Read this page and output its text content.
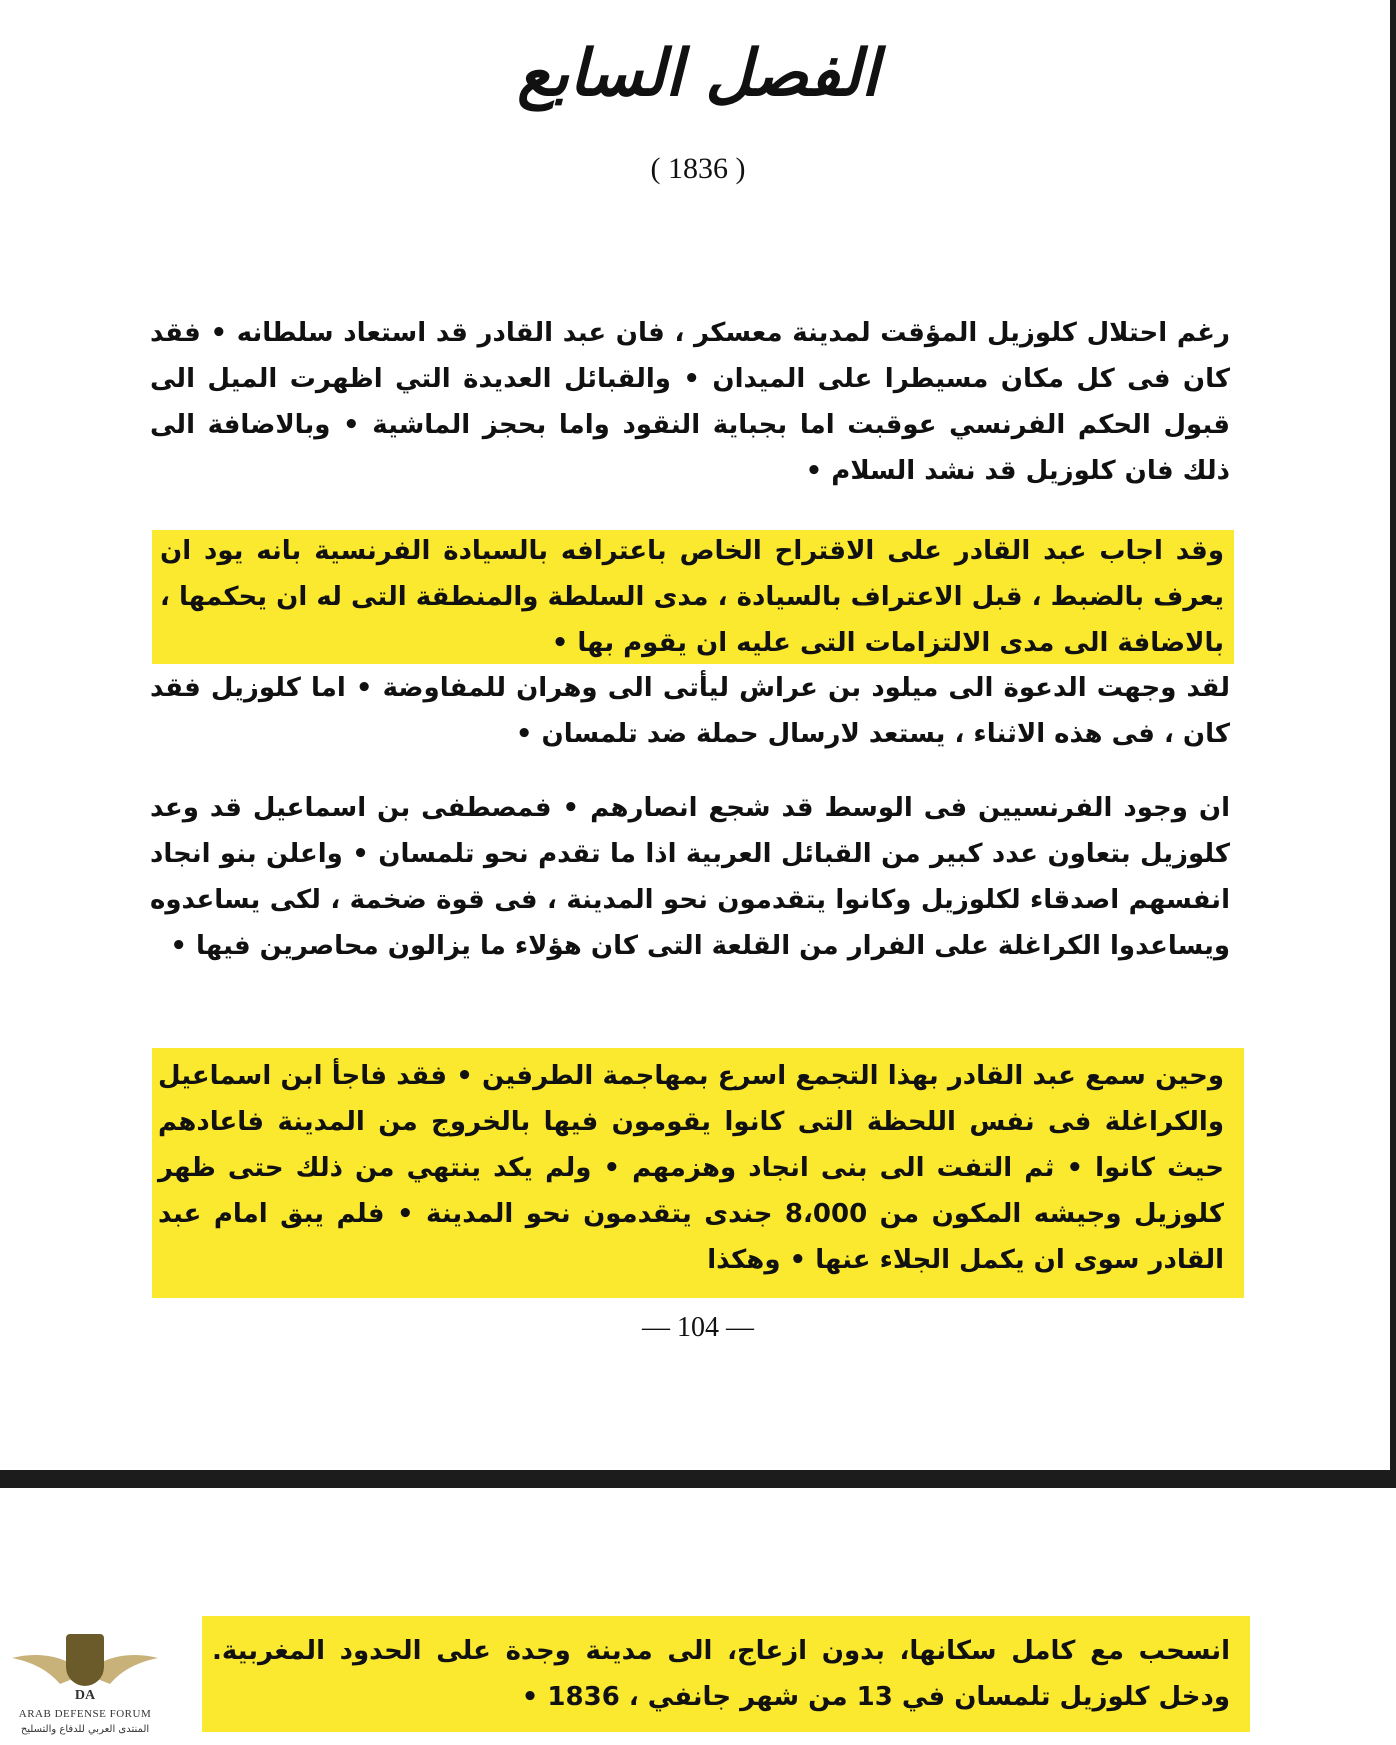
الفصل السابع
( 1836 )
رغم احتلال كلوزيل المؤقت لمدينة معسكر ، فان عبد القادر قد استعاد سلطانه • فقد كان فى كل مكان مسيطرا على الميدان • والقبائل العديدة التي اظهرت الميل الى قبول الحكم الفرنسي عوقبت اما بجباية النقود واما بحجز الماشية • وبالاضافة الى ذلك فان كلوزيل قد نشد السلام •
وقد اجاب عبد القادر على الاقتراح الخاص باعترافه بالسيادة الفرنسية بانه يود ان يعرف بالضبط ، قبل الاعتراف بالسيادة ، مدى السلطة والمنطقة التى له ان يحكمها ، بالاضافة الى مدى الالتزامات التى عليه ان يقوم بها •
لقد وجهت الدعوة الى ميلود بن عراش ليأتى الى وهران للمفاوضة • اما كلوزيل فقد كان ، فى هذه الاثناء ، يستعد لارسال حملة ضد تلمسان •
ان وجود الفرنسيين فى الوسط قد شجع انصارهم • فمصطفى بن اسماعيل قد وعد كلوزيل بتعاون عدد كبير من القبائل العربية اذا ما تقدم نحو تلمسان • واعلن بنو انجاد انفسهم اصدقاء لكلوزيل وكانوا يتقدمون نحو المدينة ، فى قوة ضخمة ، لكى يساعدوه ويساعدوا الكراغلة على الفرار من القلعة التى كان هؤلاء ما يزالون محاصرين فيها •
وحين سمع عبد القادر بهذا التجمع اسرع بمهاجمة الطرفين • فقد فاجأ ابن اسماعيل والكراغلة فى نفس اللحظة التى كانوا يقومون فيها بالخروج من المدينة فاعادهم حيث كانوا • ثم التفت الى بنى انجاد وهزمهم • ولم يكد ينتهي من ذلك حتى ظهر كلوزيل وجيشه المكون من 8،000 جندى يتقدمون نحو المدينة • فلم يبق امام عبد القادر سوى ان يكمل الجلاء عنها • وهكذا
— 104 —
انسحب مع كامل سكانها، بدون ازعاج، الى مدينة وجدة على الحدود المغربية. ودخل كلوزيل تلمسان في 13 من شهر جانفي ، 1836 •
DA
ARAB DEFENSE FORUM
المنتدى العربي للدفاع والتسليح
